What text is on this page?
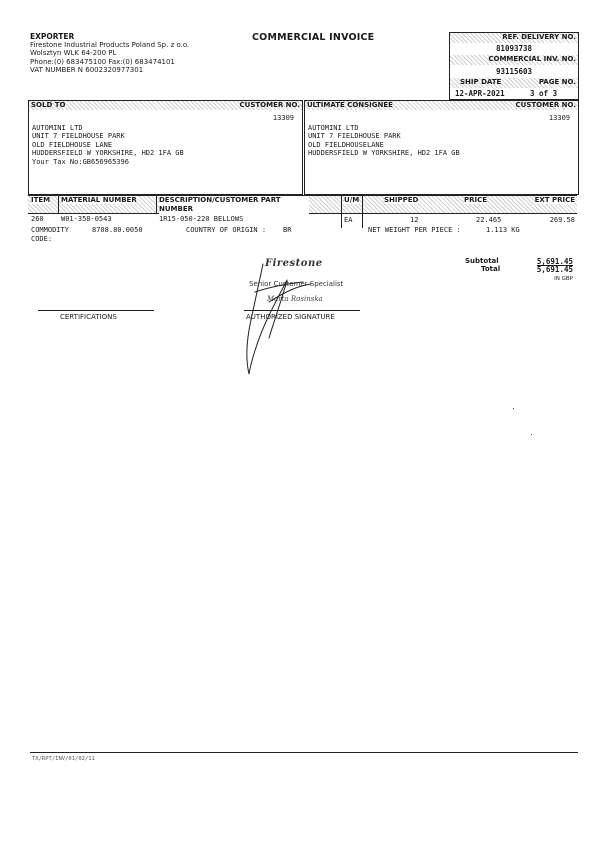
EXPORTER
Firestone Industrial Products Poland Sp. z o.o.
Wolsztyn WLK 64-200 PL
Phone:(0) 683475100 Fax:(0) 683474101
VAT NUMBER N 6002320977301
COMMERCIAL INVOICE	REF. DELIVERY NO.
81093738
COMMERCIAL INV. NO.
93115603
SHIP DATE	PAGE NO.
12-APR-2021	3 of 3
SOLD TO	CUSTOMER NO.
13309
AUTOMINI LTD
UNIT 7 FIELDHOUSE PARK
OLD FIELDHOUSE LANE
HUDDERSFIELD W YORKSHIRE, HD2 1FA GB
Your Tax No:GB656965396
ULTIMATE CONSIGNEE	CUSTOMER NO.
13309
AUTOMINI LTD
UNIT 7 FIELDHOUSE PARK
OLD FIELDHOUSELANE
HUDDERSFIELD W YORKSHIRE, HD2 1FA GB
ITEM MATERIAL NUMBER	DESCRIPTION/CUSTOMER PART NUMBER
U/M	SHIPPED	PRICE	EXT PRICE
260 W01-358-0543	1R15-050-220 BELLOWS	EA	12	22.465	269.58
COMMODITY	8708.80.0050
CODE:
COUNTRY OF ORIGIN : BR	NET WEIGHT PER PIECE :	1.113 KG
Subtotal	5,691.45
Total	5,691.45
IN GBP
Firestone
Senior Customer Specialist
Marta Rosinska
CERTIFICATIONS	AUTHORIZED SIGNATURE
TX/RPT/INV/01/02/11
